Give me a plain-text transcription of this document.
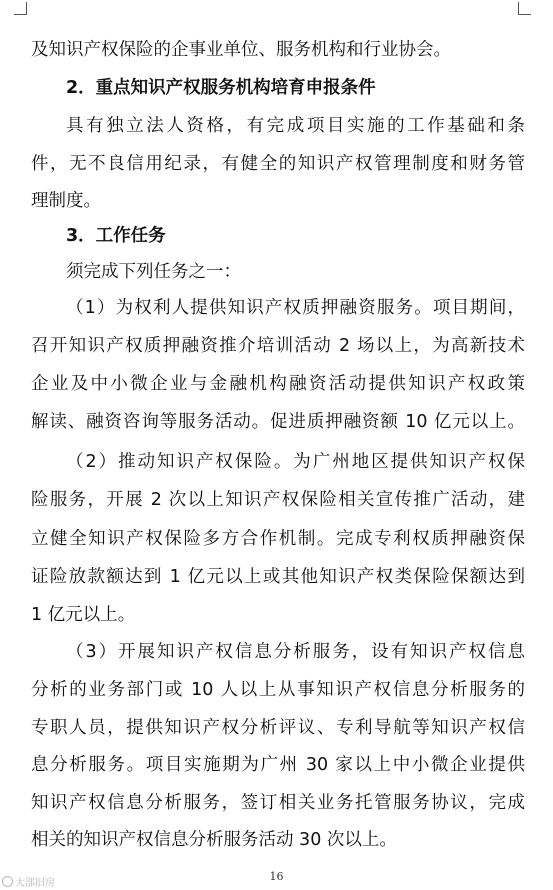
及知识产权保险的企事业单位、服务机构和行业协会。
2．重点知识产权服务机构培育申报条件
具有独立法人资格，有完成项目实施的工作基础和条
件，无不良信用纪录，有健全的知识产权管理制度和财务管
理制度。
3．工作任务
须完成下列任务之一：
（1）为权利人提供知识产权质押融资服务。项目期间，
召开知识产权质押融资推介培训活动 2 场以上，为高新技术
企业及中小微企业与金融机构融资活动提供知识产权政策
解读、融资咨询等服务活动。促进质押融资额 10 亿元以上。
（2）推动知识产权保险。为广州地区提供知识产权保
险服务，开展 2 次以上知识产权保险相关宣传推广活动，建
立健全知识产权保险多方合作机制。完成专利权质押融资保
证险放款额达到 1 亿元以上或其他知识产权类保险保额达到
1 亿元以上。
（3）开展知识产权信息分析服务，设有知识产权信息
分析的业务部门或 10 人以上从事知识产权信息分析服务的
专职人员，提供知识产权分析评议、专利导航等知识产权信
息分析服务。项目实施期为广州 30 家以上中小微企业提供
知识产权信息分析服务，签订相关业务托管服务协议，完成
相关的知识产权信息分析服务活动 30 次以上。
大部旧房
16
